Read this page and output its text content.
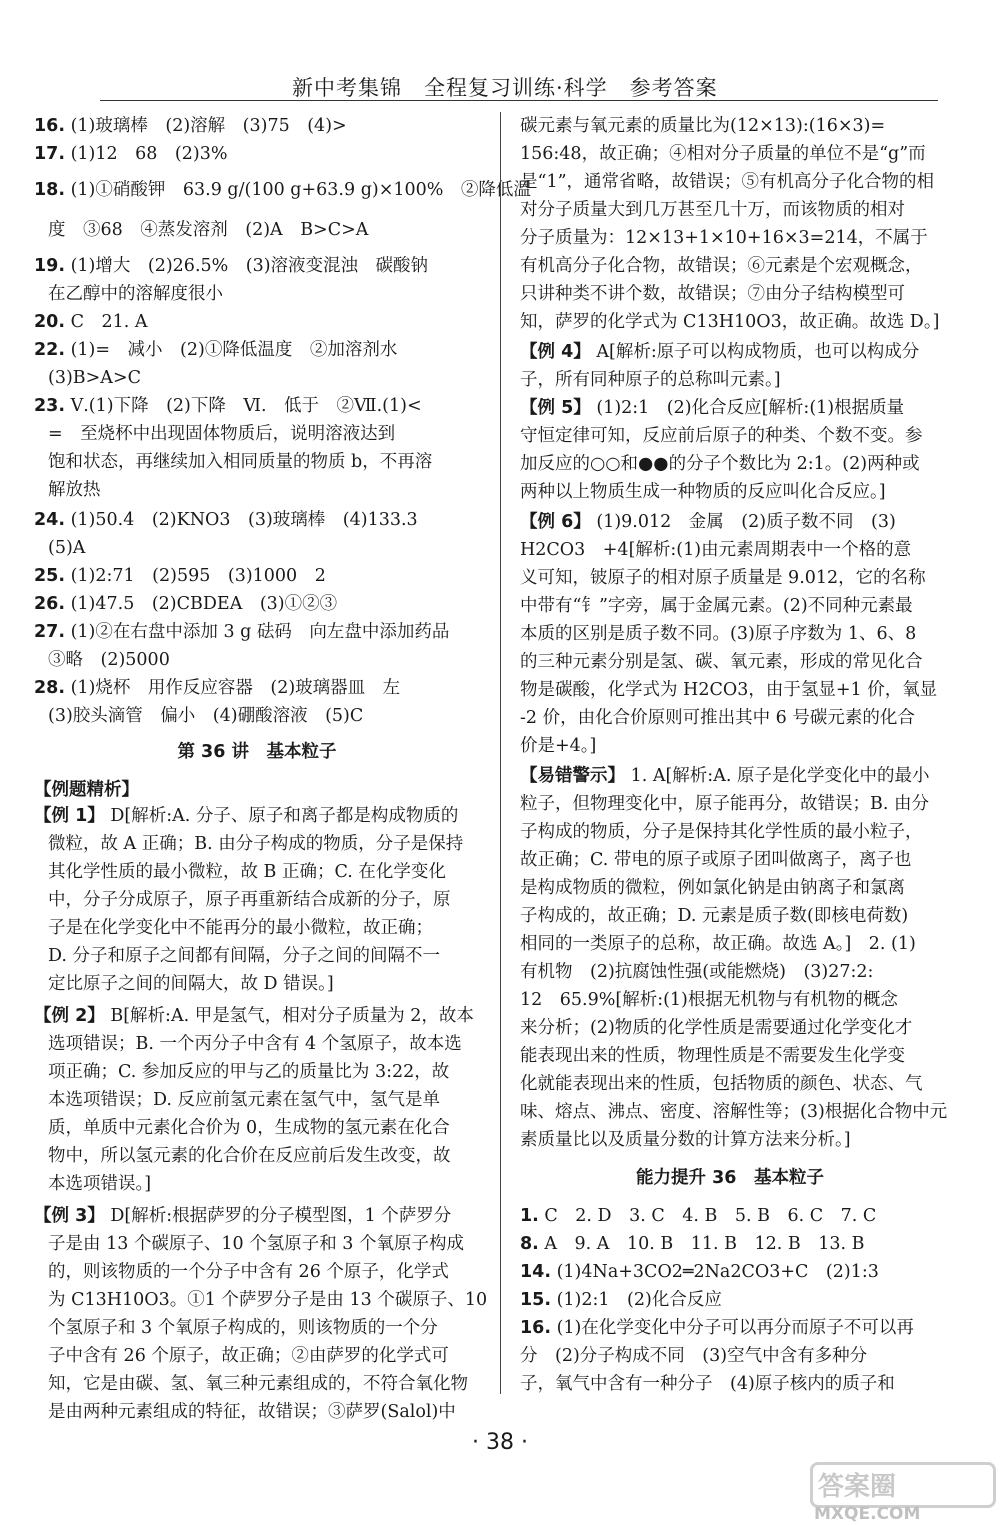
新中考集锦　全程复习训练·科学　参考答案
16. (1)玻璃棒　(2)溶解　(3)75　(4)>
17. (1)12　68　(2)3%
18. (1)①硝酸钾　63.9 g/(100 g+63.9 g)×100%　②降低温
度　③68　④蒸发溶剂　(2)A　B>C>A
19. (1)增大　(2)26.5%　(3)溶液变混浊　碳酸钠
在乙醇中的溶解度很小
20. C　21. A
22. (1)=　减小　(2)①降低温度　②加溶剂水
(3)B>A>C
23. Ⅴ.(1)下降　(2)下降　Ⅵ.　低于　②Ⅶ.(1)<
=　至烧杯中出现固体物质后，说明溶液达到
饱和状态，再继续加入相同质量的物质 b，不再溶
解放热
24. (1)50.4　(2)KNO3　(3)玻璃棒　(4)133.3
(5)A
25. (1)2:71　(2)595　(3)1000　2
26. (1)47.5　(2)CBDEA　(3)①②③
27. (1)②在右盘中添加 3 g 砝码　向左盘中添加药品
③略　(2)5000
28. (1)烧杯　用作反应容器　(2)玻璃器皿　左
(3)胶头滴管　偏小　(4)硼酸溶液　(5)C
第 36 讲　基本粒子
【例题精析】
【例 1】 D[解析:A. 分子、原子和离子都是构成物质的
微粒，故 A 正确；B. 由分子构成的物质，分子是保持
其化学性质的最小微粒，故 B 正确；C. 在化学变化
中，分子分成原子，原子再重新结合成新的分子，原
子是在化学变化中不能再分的最小微粒，故正确；
D. 分子和原子之间都有间隔，分子之间的间隔不一
定比原子之间的间隔大，故 D 错误。]
【例 2】 B[解析:A. 甲是氢气，相对分子质量为 2，故本
选项错误；B. 一个丙分子中含有 4 个氢原子，故本选
项正确；C. 参加反应的甲与乙的质量比为 3:22，故
本选项错误；D. 反应前氢元素在氢气中，氢气是单
质，单质中元素化合价为 0，生成物的氢元素在化合
物中，所以氢元素的化合价在反应前后发生改变，故
本选项错误。]
【例 3】 D[解析:根据萨罗的分子模型图，1 个萨罗分
子是由 13 个碳原子、10 个氢原子和 3 个氧原子构成
的，则该物质的一个分子中含有 26 个原子，化学式
为 C13H10O3。①1 个萨罗分子是由 13 个碳原子、10
个氢原子和 3 个氧原子构成的，则该物质的一个分
子中含有 26 个原子，故正确；②由萨罗的化学式可
知，它是由碳、氢、氧三种元素组成的，不符合氧化物
是由两种元素组成的特征，故错误；③萨罗(Salol)中
碳元素与氧元素的质量比为(12×13):(16×3)=
156:48，故正确；④相对分子质量的单位不是“g”而
是“1”，通常省略，故错误；⑤有机高分子化合物的相
对分子质量大到几万甚至几十万，而该物质的相对
分子质量为：12×13+1×10+16×3=214，不属于
有机高分子化合物，故错误；⑥元素是个宏观概念，
只讲种类不讲个数，故错误；⑦由分子结构模型可
知，萨罗的化学式为 C13H10O3，故正确。故选 D。]
【例 4】 A[解析:原子可以构成物质，也可以构成分
子，所有同种原子的总称叫元素。]
【例 5】 (1)2:1　(2)化合反应[解析:(1)根据质量
守恒定律可知，反应前后原子的种类、个数不变。参
加反应的○○和●●的分子个数比为 2:1。(2)两种或
两种以上物质生成一种物质的反应叫化合反应。]
【例 6】 (1)9.012　金属　(2)质子数不同　(3)
H2CO3　+4[解析:(1)由元素周期表中一个格的意
义可知，铍原子的相对原子质量是 9.012，它的名称
中带有“钅”字旁，属于金属元素。(2)不同种元素最
本质的区别是质子数不同。(3)原子序数为 1、6、8
的三种元素分别是氢、碳、氧元素，形成的常见化合
物是碳酸，化学式为 H2CO3，由于氢显+1 价，氧显
-2 价，由化合价原则可推出其中 6 号碳元素的化合
价是+4。]
【易错警示】 1. A[解析:A. 原子是化学变化中的最小
粒子，但物理变化中，原子能再分，故错误；B. 由分
子构成的物质，分子是保持其化学性质的最小粒子，
故正确；C. 带电的原子或原子团叫做离子，离子也
是构成物质的微粒，例如氯化钠是由钠离子和氯离
子构成的，故正确；D. 元素是质子数(即核电荷数)
相同的一类原子的总称，故正确。故选 A。]　2. (1)
有机物　(2)抗腐蚀性强(或能燃烧)　(3)27:2:
12　65.9%[解析:(1)根据无机物与有机物的概念
来分析；(2)物质的化学性质是需要通过化学变化才
能表现出来的性质，物理性质是不需要发生化学变
化就能表现出来的性质，包括物质的颜色、状态、气
味、熔点、沸点、密度、溶解性等；(3)根据化合物中元
素质量比以及质量分数的计算方法来分析。]
能力提升 36　基本粒子
1. C　2. D　3. C　4. B　5. B　6. C　7. C
8. A　9. A　10. B　11. B　12. B　13. B
14. (1)4Na+3CO2═2Na2CO3+C　(2)1:3
15. (1)2:1　(2)化合反应
16. (1)在化学变化中分子可以再分而原子不可以再
分　(2)分子构成不同　(3)空气中含有多种分
子，氧气中含有一种分子　(4)原子核内的质子和
· 38 ·
答案圈
MXQE.COM
